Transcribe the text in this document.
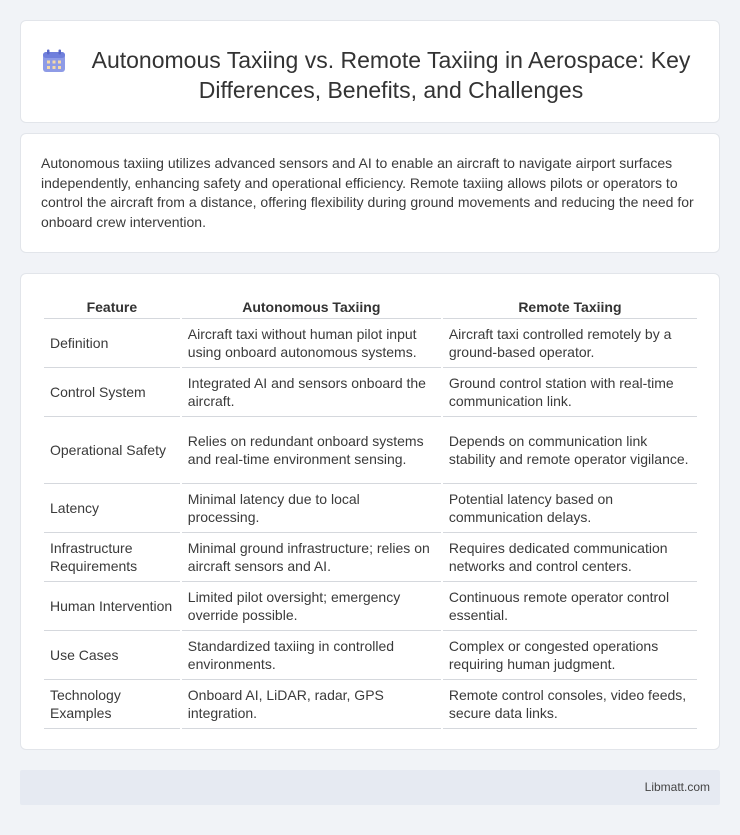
Autonomous Taxiing vs. Remote Taxiing in Aerospace: Key Differences, Benefits, and Challenges

Autonomous taxiing utilizes advanced sensors and AI to enable an aircraft to navigate airport surfaces independently, enhancing safety and operational efficiency. Remote taxiing allows pilots or operators to control the aircraft from a distance, offering flexibility during ground movements and reducing the need for onboard crew intervention.

Feature	Autonomous Taxiing	Remote Taxiing
Definition	Aircraft taxi without human pilot input using onboard autonomous systems.	Aircraft taxi controlled remotely by a ground-based operator.
Control System	Integrated AI and sensors onboard the aircraft.	Ground control station with real-time communication link.
Operational Safety	Relies on redundant onboard systems and real-time environment sensing.	Depends on communication link stability and remote operator vigilance.
Latency	Minimal latency due to local processing.	Potential latency based on communication delays.
Infrastructure Requirements	Minimal ground infrastructure; relies on aircraft sensors and AI.	Requires dedicated communication networks and control centers.
Human Intervention	Limited pilot oversight; emergency override possible.	Continuous remote operator control essential.
Use Cases	Standardized taxiing in controlled environments.	Complex or congested operations requiring human judgment.
Technology Examples	Onboard AI, LiDAR, radar, GPS integration.	Remote control consoles, video feeds, secure data links.
Libmatt.com
